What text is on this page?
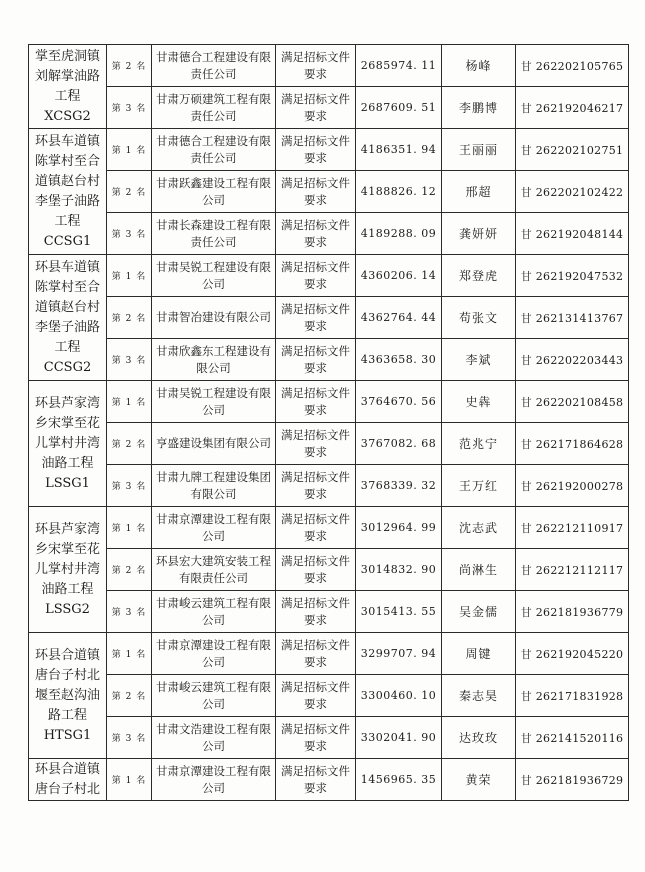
掌至虎洞镇刘解掌油路工程 XCSG2	第 2 名	甘肃德合工程建设有限责任公司	满足招标文件要求	2685974. 11	杨峰	甘 262202105765
	第 3 名	甘肃万硕建筑工程有限责任公司	满足招标文件要求	2687609. 51	李鹏博	甘 262192046217
环县车道镇陈掌村至合道镇赵台村李堡子油路工程 CCSG1	第 1 名	甘肃德合工程建设有限责任公司	满足招标文件要求	4186351. 94	王丽丽	甘 262202102751
	第 2 名	甘肃跃鑫建设工程有限公司	满足招标文件要求	4188826. 12	邢超	甘 262202102422
	第 3 名	甘肃长森建设工程有限责任公司	满足招标文件要求	4189288. 09	龚妍妍	甘 262192048144
环县车道镇陈掌村至合道镇赵台村李堡子油路工程 CCSG2	第 1 名	甘肃吴锐工程建设有限公司	满足招标文件要求	4360206. 14	郑登虎	甘 262192047532
	第 2 名	甘肃智冶建设有限公司	满足招标文件要求	4362764. 44	苟张文	甘 262131413767
	第 3 名	甘肃欣鑫东工程建设有限公司	满足招标文件要求	4363658. 30	李斌	甘 262202203443
环县芦家湾乡宋掌至花儿掌村井湾油路工程 LSSG1	第 1 名	甘肃吴锐工程建设有限公司	满足招标文件要求	3764670. 56	史犇	甘 262202108458
	第 2 名	亨盛建设集团有限公司	满足招标文件要求	3767082. 68	范兆宁	甘 262171864628
	第 3 名	甘肃九牌工程建设集团有限公司	满足招标文件要求	3768339. 32	王万红	甘 262192000278
环县芦家湾乡宋掌至花儿掌村井湾油路工程 LSSG2	第 1 名	甘肃京潭建设工程有限公司	满足招标文件要求	3012964. 99	沈志武	甘 262212110917
	第 2 名	环县宏大建筑安装工程有限责任公司	满足招标文件要求	3014832. 90	尚淋生	甘 262212112117
	第 3 名	甘肃峻云建筑工程有限公司	满足招标文件要求	3015413. 55	吴金儒	甘 262181936779
环县合道镇唐台子村北堰至赵沟油路工程 HTSG1	第 1 名	甘肃京潭建设工程有限公司	满足招标文件要求	3299707. 94	周键	甘 262192045220
	第 2 名	甘肃峻云建筑工程有限公司	满足招标文件要求	3300460. 10	秦志昊	甘 262171831928
	第 3 名	甘肃文浩建设工程有限公司	满足招标文件要求	3302041. 90	达玫玫	甘 262141520116
环县合道镇唐台子村北	第 1 名	甘肃京潭建设工程有限公司	满足招标文件要求	1456965. 35	黄荣	甘 262181936729
